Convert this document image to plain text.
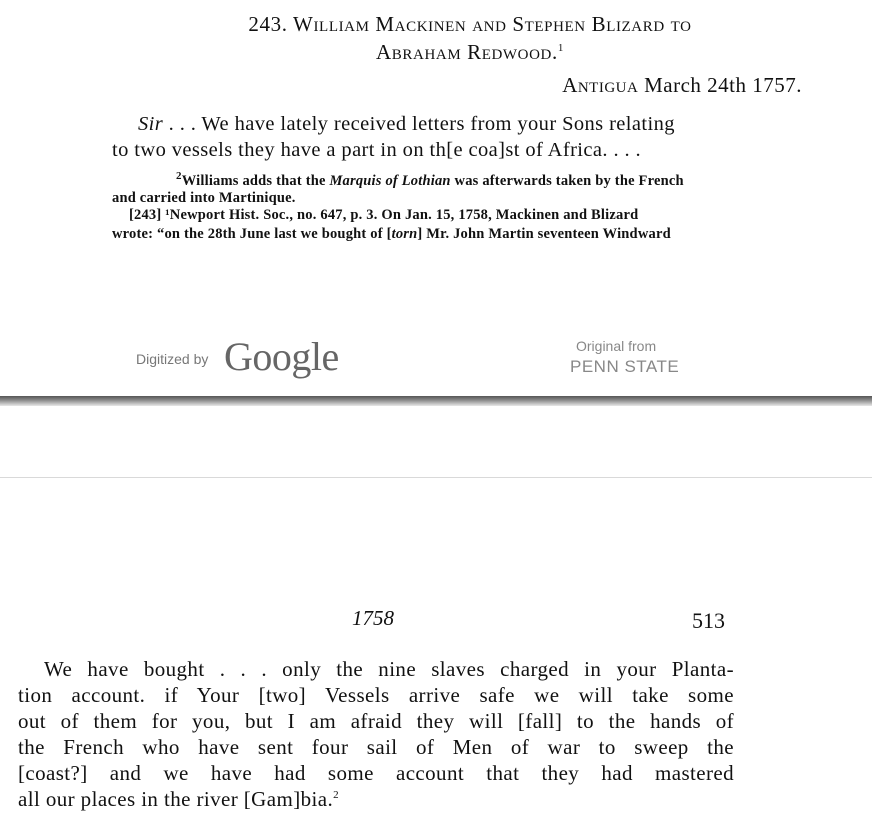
243. William Mackinen and Stephen Blizard to
Abraham Redwood.$^1$
Antigua March 24th 1757.
Sir . . . We have lately received letters from your Sons relating
to two vessels they have a part in on th[e coa]st of Africa. . . .
$^2$Williams adds that the Marquis of Lothian was afterwards taken by the French
and carried into Martinique.
[243] ¹Newport Hist. Soc., no. 647, p. 3. On Jan. 15, 1758, Mackinen and Blizard
wrote: “on the 28th June last we bought of [torn] Mr. John Martin seventeen Windward
Digitized by Google	Original from
PENN STATE
1758	513
We have bought . . . only the nine slaves charged in your Planta-
tion account. if Your [two] Vessels arrive safe we will take some
out of them for you, but I am afraid they will [fall] to the hands of
the French who have sent four sail of Men of war to sweep the
[coast?] and we have had some account that they had mastered
all our places in the river [Gam]bia.$^2$
